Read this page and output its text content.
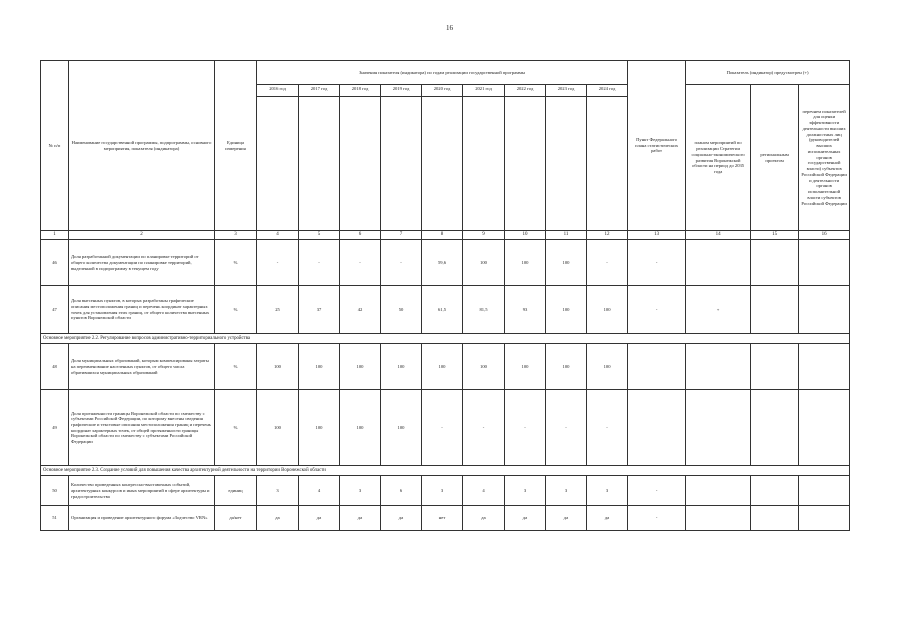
16
№ п/п	Наименование государственной программы, подпрограммы, основного мероприятия, показателя (индикатора)	Единица измерения	Значения показателя (индикатора) по годам реализации государственной программы									Пункт Федерального плана статистических работ	Показатель (индикатор) предусмотрен (+)		
			2016 год	2017 год	2018 год	2019 год	2020 год	2021 год	2022 год	2023 год	2024 год		планом мероприятий по реализации Стратегии социально-экономического развития Воронежской области на период до 2035 года	региональным проектом	перечнем показателей для оценки эффективности деятельности высших должностных лиц (руководителей высших исполнительных органов государственной власти) субъектов Российской Федерации и деятельности органов исполнительной власти субъектов Российской Федерации

1	2	3	4	5	6	7	8	9	10	11	12	13	14	15	16
46	Доля разработанной документации по планировке территорий от общего количества документации по планировке территорий, выделенной в подпрограмму в текущем году	%	-	-	-	-	59,6	100	100	100	-	-			
47	Доля внесенных пунктов, в которых разработаны графические описания местоположения границ и перечень координат характерных точек для установления этих границ, от общего количества внесенных пунктов Воронежской области	%	25	37	42	50	61,5	81,5	93	100	100	-	+		
Основное мероприятие 2.2. Регулирование вопросов административно-территориального устройства															
48	Доля муниципальных образований, которым компенсированы затраты на переименование населенных пунктов, от общего числа обратившихся муниципальных образований	%	100	100	100	100	100	100	100	100	100				
49	Доля протяженности границы Воронежской области по смежеству с субъектами Российской Федерации, по которому внесены сведения графические и текстовые описания местоположения границ и перечень координат характерных точек, от общей протяженности границы Воронежской области по смежеству с субъектами Российской Федерации	%	100	100	100	100	-	-	-	-	-				
Основное мероприятие 2.3. Создание условий для повышения качества архитектурной деятельности на территории Воронежской области															
50	Количество проведенных конгрессно-выставочных событий, архитектурных конкурсов и иных мероприятий в сфере архитектуры и градостроительства	единиц	3	4	3	6	3	4	3	3	3	-			
51	Организация и проведение архитектурного форума «Зодчество VRN»	да/нет	да	да	да	да	нет	да	да	да	да	-			
